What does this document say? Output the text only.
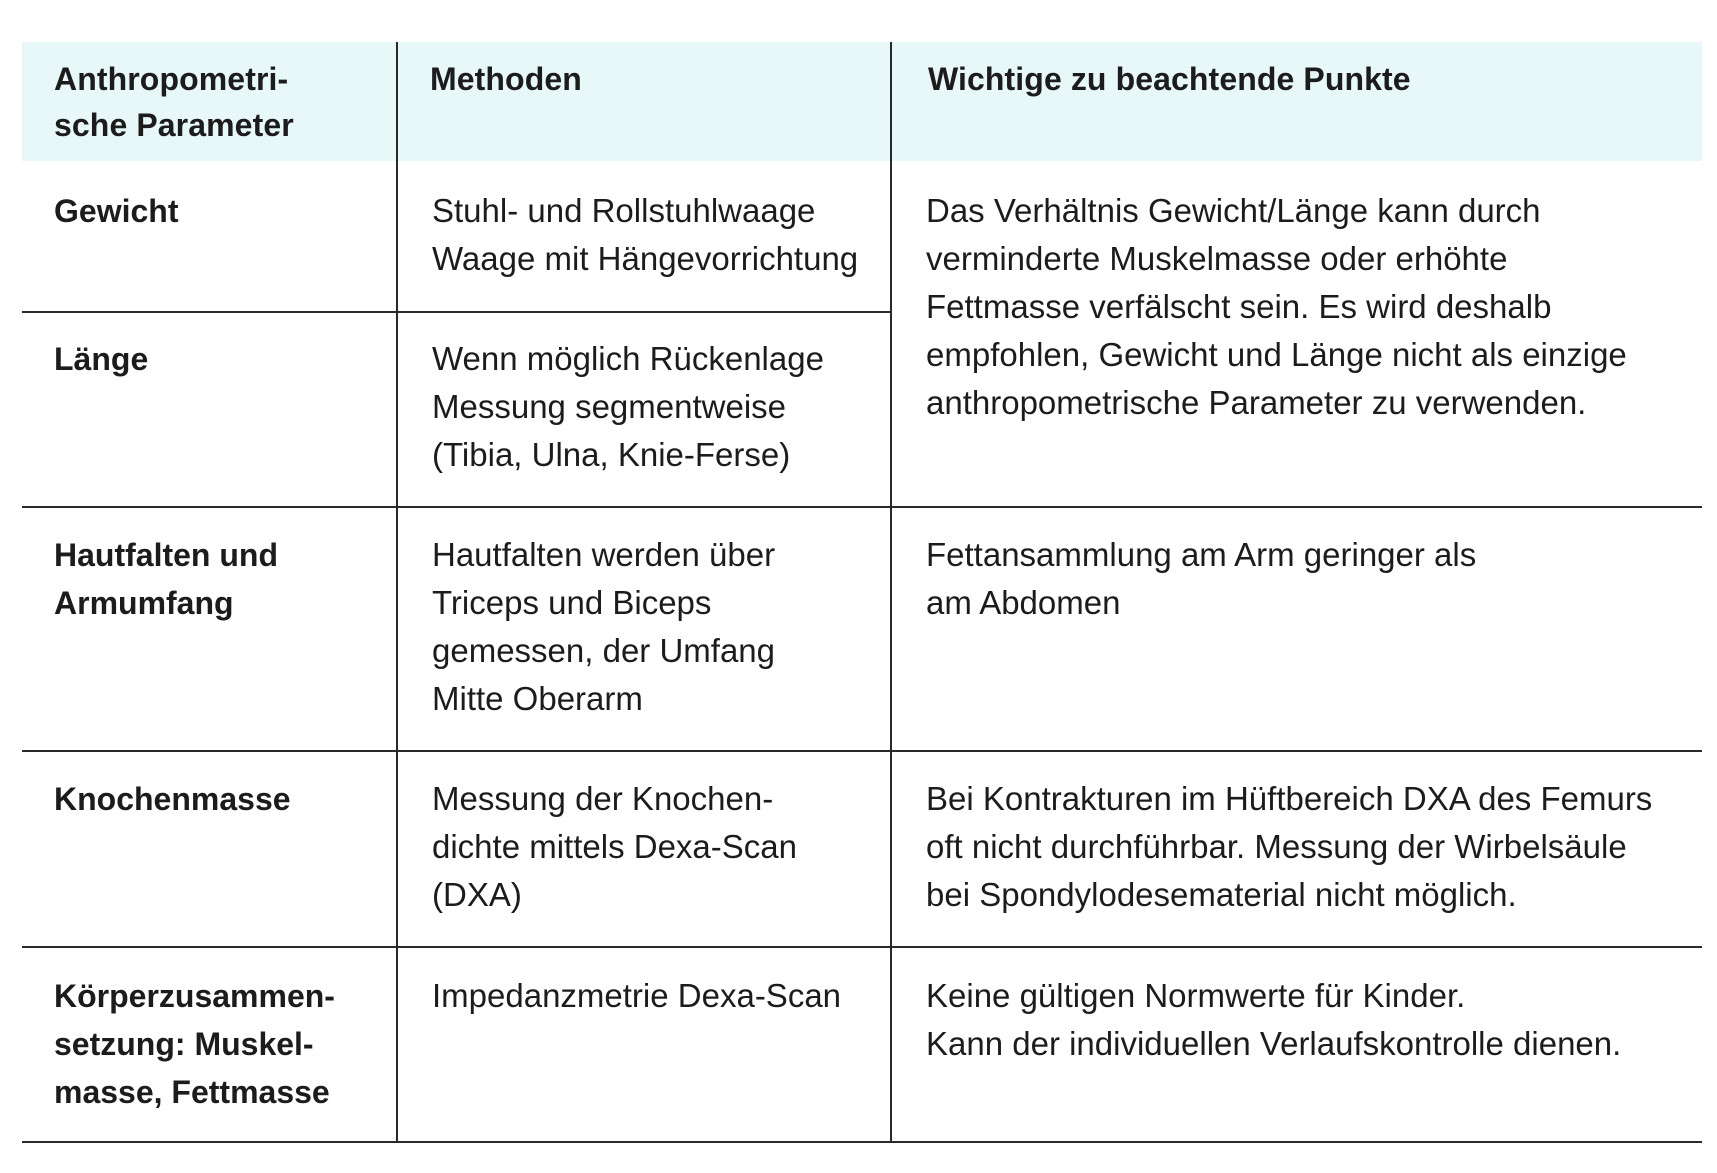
Anthropometri-
sche Parameter	Methoden	Wichtige zu beachtende Punkte

Gewicht	Stuhl- und Rollstuhlwaage
Waage mit Hängevorrichtung	Das Verhältnis Gewicht/Länge kann durch
verminderte Muskelmasse oder erhöhte
Fettmasse verfälscht sein. Es wird deshalb
empfohlen, Gewicht und Länge nicht als einzige
anthropometrische Parameter zu verwenden.

Länge	Wenn möglich Rückenlage
Messung segmentweise
(Tibia, Ulna, Knie-Ferse)	

Hautfalten und
Armumfang	Hautfalten werden über
Triceps und Biceps
gemessen, der Umfang
Mitte Oberarm	Fettansammlung am Arm geringer als
am Abdomen

Knochenmasse	Messung der Knochen-
dichte mittels Dexa-Scan
(DXA)	Bei Kontrakturen im Hüftbereich DXA des Femurs
oft nicht durchführbar. Messung der Wirbelsäule
bei Spondylodesematerial nicht möglich.

Körperzusammen-
setzung: Muskel-
masse, Fettmasse	Impedanzmetrie Dexa-Scan	Keine gültigen Normwerte für Kinder.
Kann der individuellen Verlaufskontrolle dienen.
